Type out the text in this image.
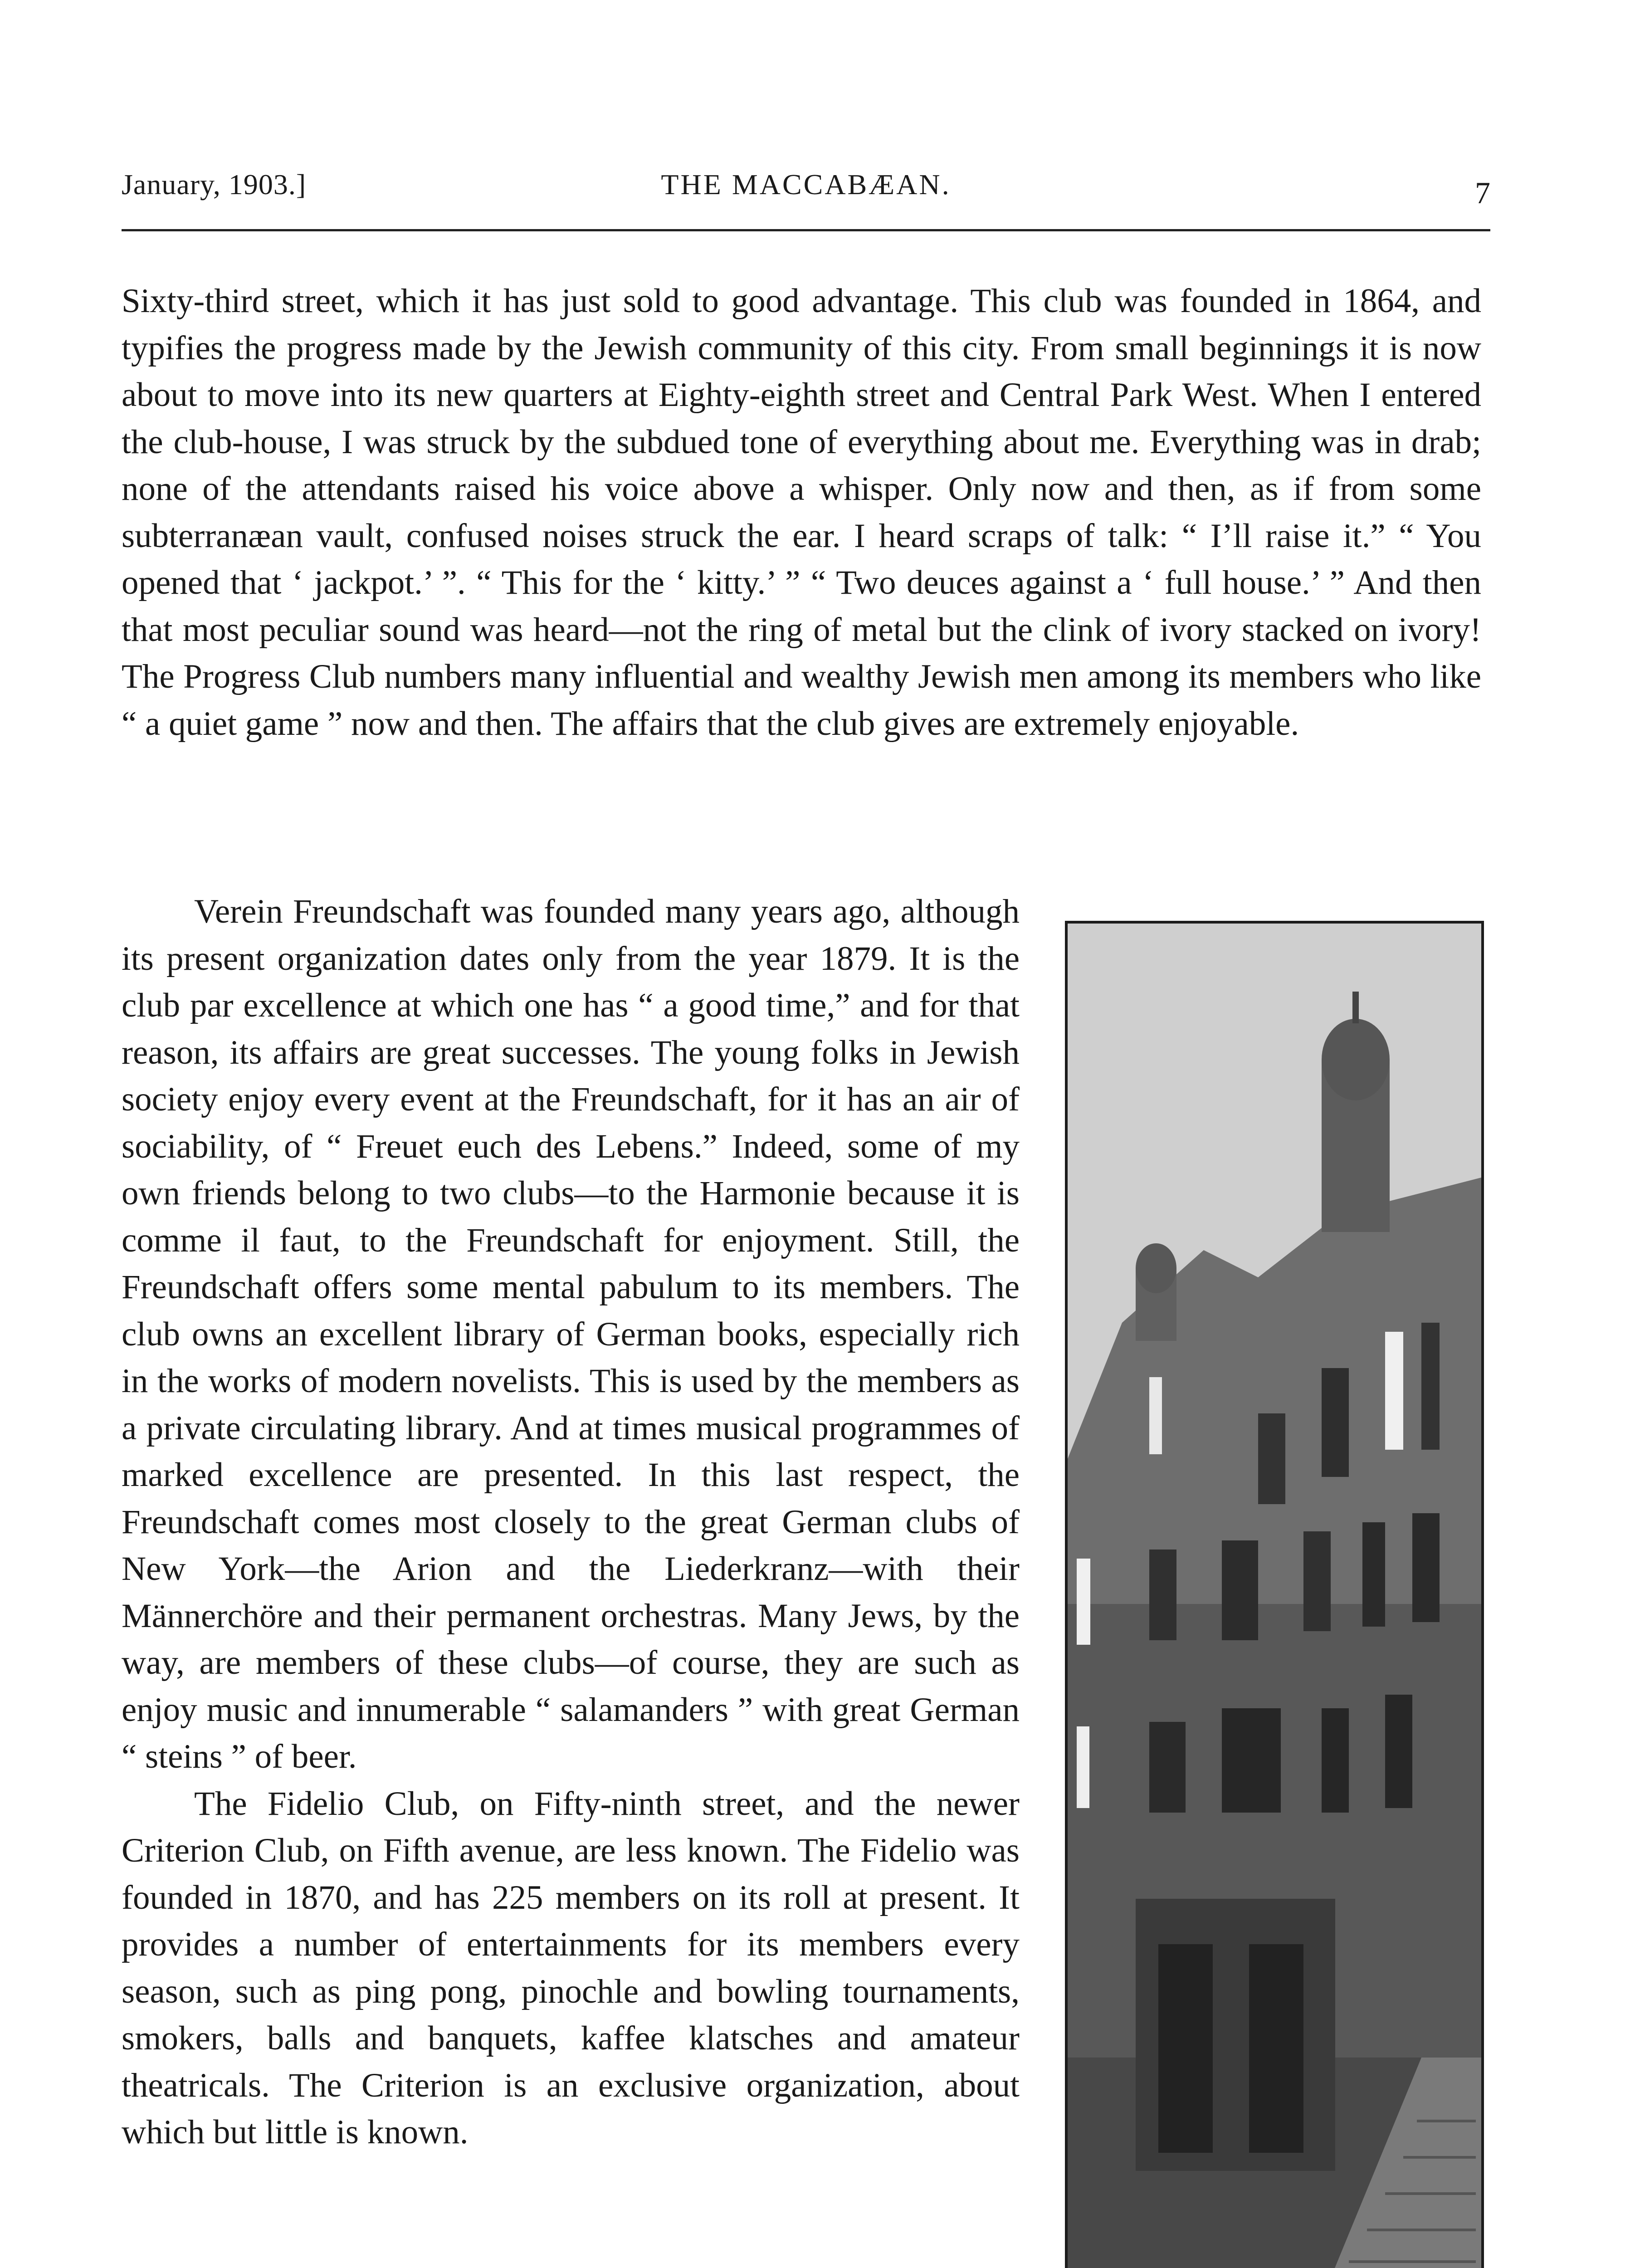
January, 1903.]	THE MACCABÆAN.	7

Sixty-third street, which it has just sold to good advantage. This club was founded in 1864, and typifies the progress made by the Jewish community of this city. From small beginnings it is now about to move into its new quarters at Eighty-eighth street and Central Park West. When I entered the club-house, I was struck by the subdued tone of everything about me. Everything was in drab; none of the attendants raised his voice above a whisper. Only now and then, as if from some subterranæan vault, confused noises struck the ear. I heard scraps of talk: “ I’ll raise it.” “ You opened that ‘ jackpot.’ ”. “ This for the ‘ kitty.’ ” “ Two deuces against a ‘ full house.’ ” And then that most peculiar sound was heard—not the ring of metal but the clink of ivory stacked on ivory! The Progress Club numbers many influential and wealthy Jewish men among its members who like “ a quiet game ” now and then. The affairs that the club gives are extremely enjoyable.

Verein Freundschaft was founded many years ago, although its present organization dates only from the year 1879. It is the club par excellence at which one has “ a good time,” and for that reason, its affairs are great successes. The young folks in Jewish society enjoy every event at the Freundschaft, for it has an air of sociability, of “ Freuet euch des Lebens.” Indeed, some of my own friends belong to two clubs—to the Harmonie because it is comme il faut, to the Freundschaft for enjoyment. Still, the Freundschaft offers some mental pabulum to its members. The club owns an excellent library of German books, especially rich in the works of modern novelists. This is used by the members as a private circulating library. And at times musical programmes of marked excellence are presented. In this last respect, the Freundschaft comes most closely to the great German clubs of New York—the Arion and the Liederkranz—with their Männerchöre and their permanent orchestras. Many Jews, by the way, are members of these clubs—of course, they are such as enjoy music and innumerable “ salamanders ” with great German “ steins ” of beer.

The Fidelio Club, on Fifty-ninth street, and the newer Criterion Club, on Fifth avenue, are less known. The Fidelio was founded in 1870, and has 225 members on its roll at present. It provides a number of entertainments for its members every season, such as ping pong, pinochle and bowling tournaments, smokers, balls and banquets, kaffee klatsches and amateur theatricals. The Criterion is an exclusive organization, about which but little is known.
